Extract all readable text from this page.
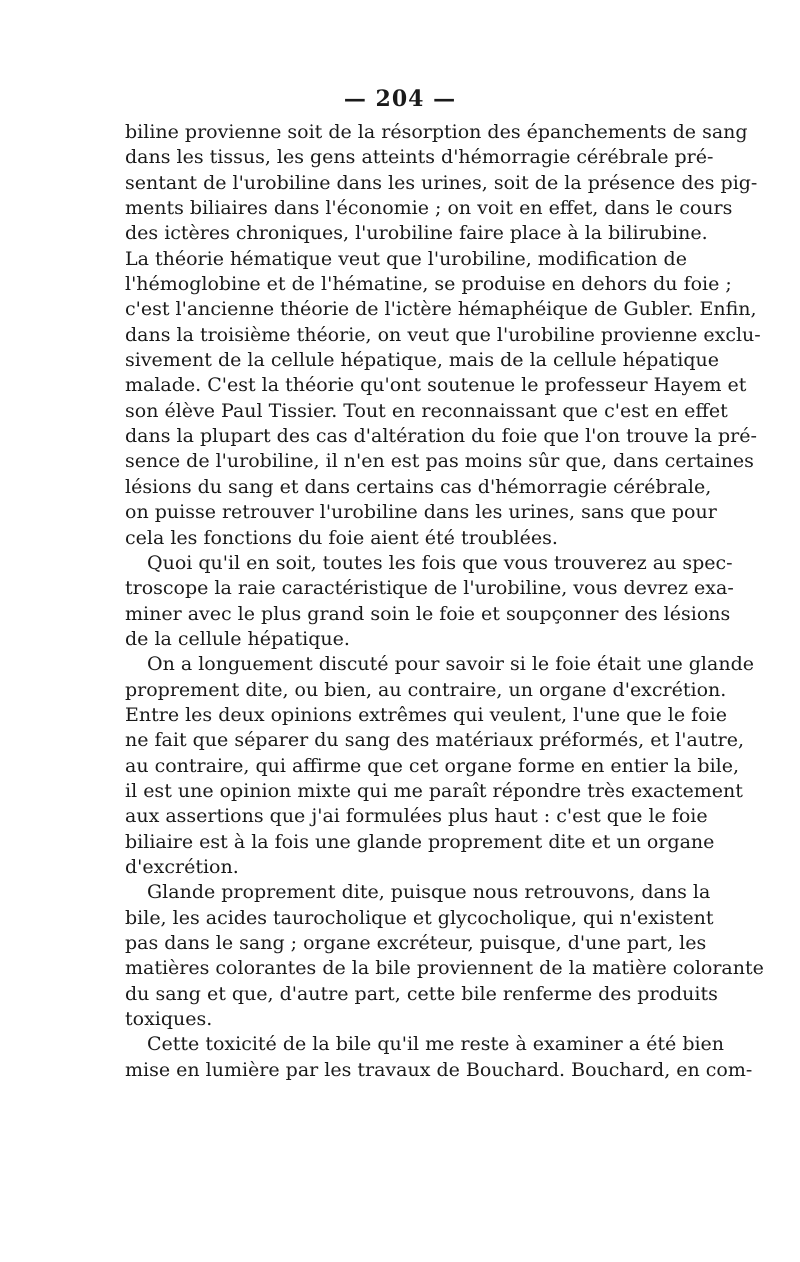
— 204 —
biline provienne soit de la résorption des épanchements de sang
dans les tissus, les gens atteints d'hémorragie cérébrale pré-
sentant de l'urobiline dans les urines, soit de la présence des pig-
ments biliaires dans l'économie ; on voit en effet, dans le cours
des ictères chroniques, l'urobiline faire place à la bilirubine.
La théorie hématique veut que l'urobiline, modification de
l'hémoglobine et de l'hématine, se produise en dehors du foie ;
c'est l'ancienne théorie de l'ictère hémaphéique de Gubler. Enfin,
dans la troisième théorie, on veut que l'urobiline provienne exclu-
sivement de la cellule hépatique, mais de la cellule hépatique
malade. C'est la théorie qu'ont soutenue le professeur Hayem et
son élève Paul Tissier. Tout en reconnaissant que c'est en effet
dans la plupart des cas d'altération du foie que l'on trouve la pré-
sence de l'urobiline, il n'en est pas moins sûr que, dans certaines
lésions du sang et dans certains cas d'hémorragie cérébrale,
on puisse retrouver l'urobiline dans les urines, sans que pour
cela les fonctions du foie aient été troublées.
Quoi qu'il en soit, toutes les fois que vous trouverez au spec-
troscope la raie caractéristique de l'urobiline, vous devrez exa-
miner avec le plus grand soin le foie et soupçonner des lésions
de la cellule hépatique.
On a longuement discuté pour savoir si le foie était une glande
proprement dite, ou bien, au contraire, un organe d'excrétion.
Entre les deux opinions extrêmes qui veulent, l'une que le foie
ne fait que séparer du sang des matériaux préformés, et l'autre,
au contraire, qui affirme que cet organe forme en entier la bile,
il est une opinion mixte qui me paraît répondre très exactement
aux assertions que j'ai formulées plus haut : c'est que le foie
biliaire est à la fois une glande proprement dite et un organe
d'excrétion.
Glande proprement dite, puisque nous retrouvons, dans la
bile, les acides taurocholique et glycocholique, qui n'existent
pas dans le sang ; organe excréteur, puisque, d'une part, les
matières colorantes de la bile proviennent de la matière colorante
du sang et que, d'autre part, cette bile renferme des produits
toxiques.
Cette toxicité de la bile qu'il me reste à examiner a été bien
mise en lumière par les travaux de Bouchard. Bouchard, en com-
